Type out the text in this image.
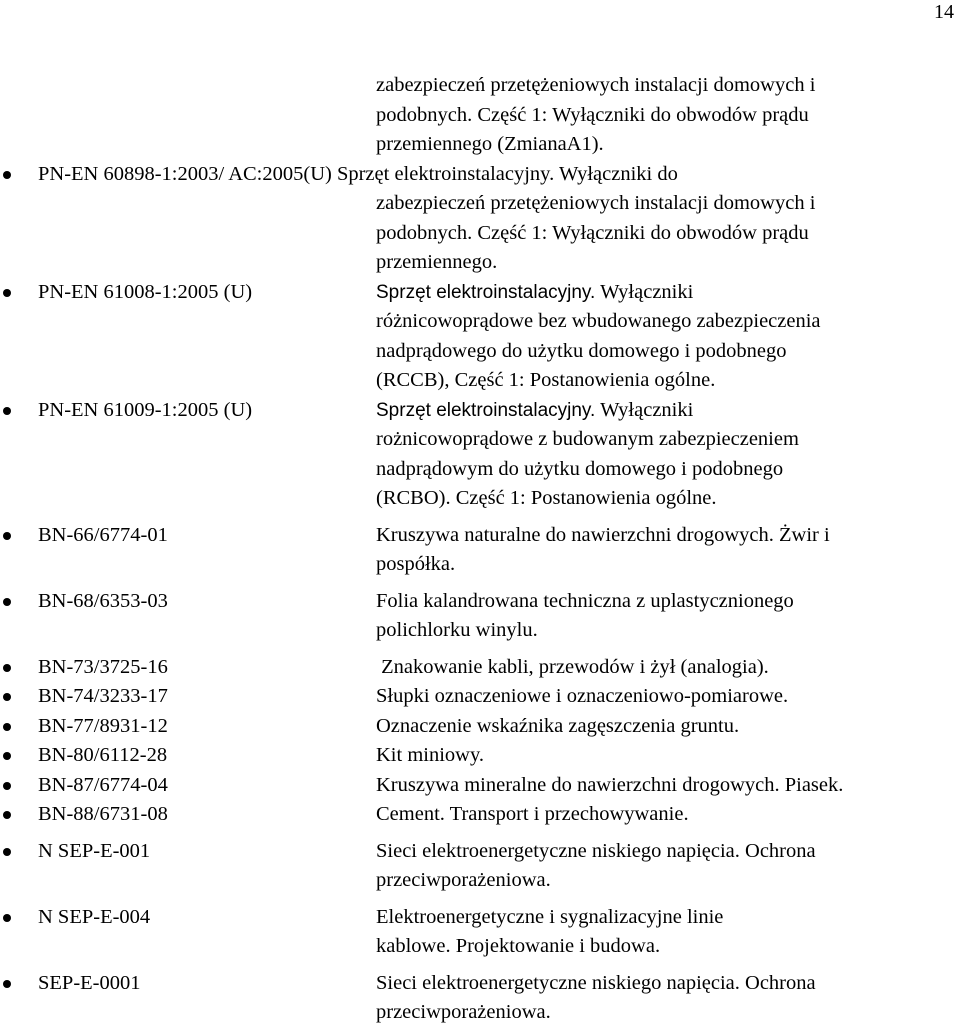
14
zabezpieczeń przetężeniowych instalacji domowych i
podobnych. Część 1: Wyłączniki do obwodów prądu
przemiennego (ZmianaA1).
PN-EN 60898-1:2003/ AC:2005(U) Sprzęt elektroinstalacyjny. Wyłączniki do
zabezpieczeń przetężeniowych instalacji domowych i
podobnych. Część 1: Wyłączniki do obwodów prądu
przemiennego.
PN-EN 61008-1:2005 (U)	Sprzęt elektroinstalacyjny. Wyłączniki
różnicowoprądowe bez wbudowanego zabezpieczenia
nadprądowego do użytku domowego i podobnego
(RCCB), Część 1: Postanowienia ogólne.
PN-EN 61009-1:2005 (U)	Sprzęt elektroinstalacyjny. Wyłączniki
rożnicowoprądowe z budowanym zabezpieczeniem
nadprądowym do użytku domowego i podobnego
(RCBO). Część 1: Postanowienia ogólne.
BN-66/6774-01	Kruszywa naturalne do nawierzchni drogowych. Żwir i
pospółka.
BN-68/6353-03	Folia kalandrowana techniczna z uplastycznionego
polichlorku winylu.
BN-73/3725-16	Znakowanie kabli, przewodów i żył (analogia).
BN-74/3233-17	Słupki oznaczeniowe i oznaczeniowo-pomiarowe.
BN-77/8931-12	Oznaczenie wskaźnika zagęszczenia gruntu.
BN-80/6112-28	Kit miniowy.
BN-87/6774-04	Kruszywa mineralne do nawierzchni drogowych. Piasek.
BN-88/6731-08	Cement. Transport i przechowywanie.
N SEP-E-001	Sieci elektroenergetyczne niskiego napięcia. Ochrona
przeciwporażeniowa.
N SEP-E-004	Elektroenergetyczne i sygnalizacyjne linie
kablowe. Projektowanie i budowa.
SEP-E-0001	Sieci elektroenergetyczne niskiego napięcia. Ochrona
przeciwporażeniowa.
